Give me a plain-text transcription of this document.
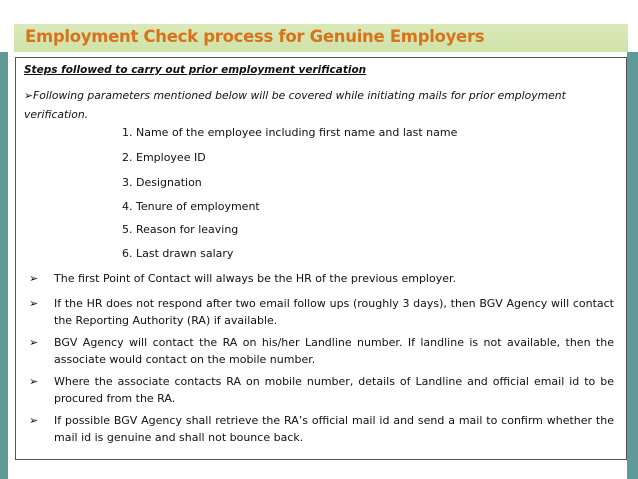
Employment Check process for Genuine Employers
Steps followed to carry out prior employment verification
➢Following parameters mentioned below will be covered while initiating mails for prior employment verification.
1. Name of the employee including first name and last name
2. Employee ID
3. Designation
4. Tenure of employment
5. Reason for leaving
6. Last drawn salary
➢ The first Point of Contact will always be the HR of the previous employer.
➢ If the HR does not respond after two email follow ups (roughly 3 days), then BGV Agency will contact the Reporting Authority (RA) if available.
➢ BGV Agency will contact the RA on his/her Landline number. If landline is not available, then the associate would contact on the mobile number.
➢ Where the associate contacts RA on mobile number, details of Landline and official email id to be procured from the RA.
➢ If possible BGV Agency shall retrieve the RA’s official mail id and send a mail to confirm whether the mail id is genuine and shall not bounce back.
